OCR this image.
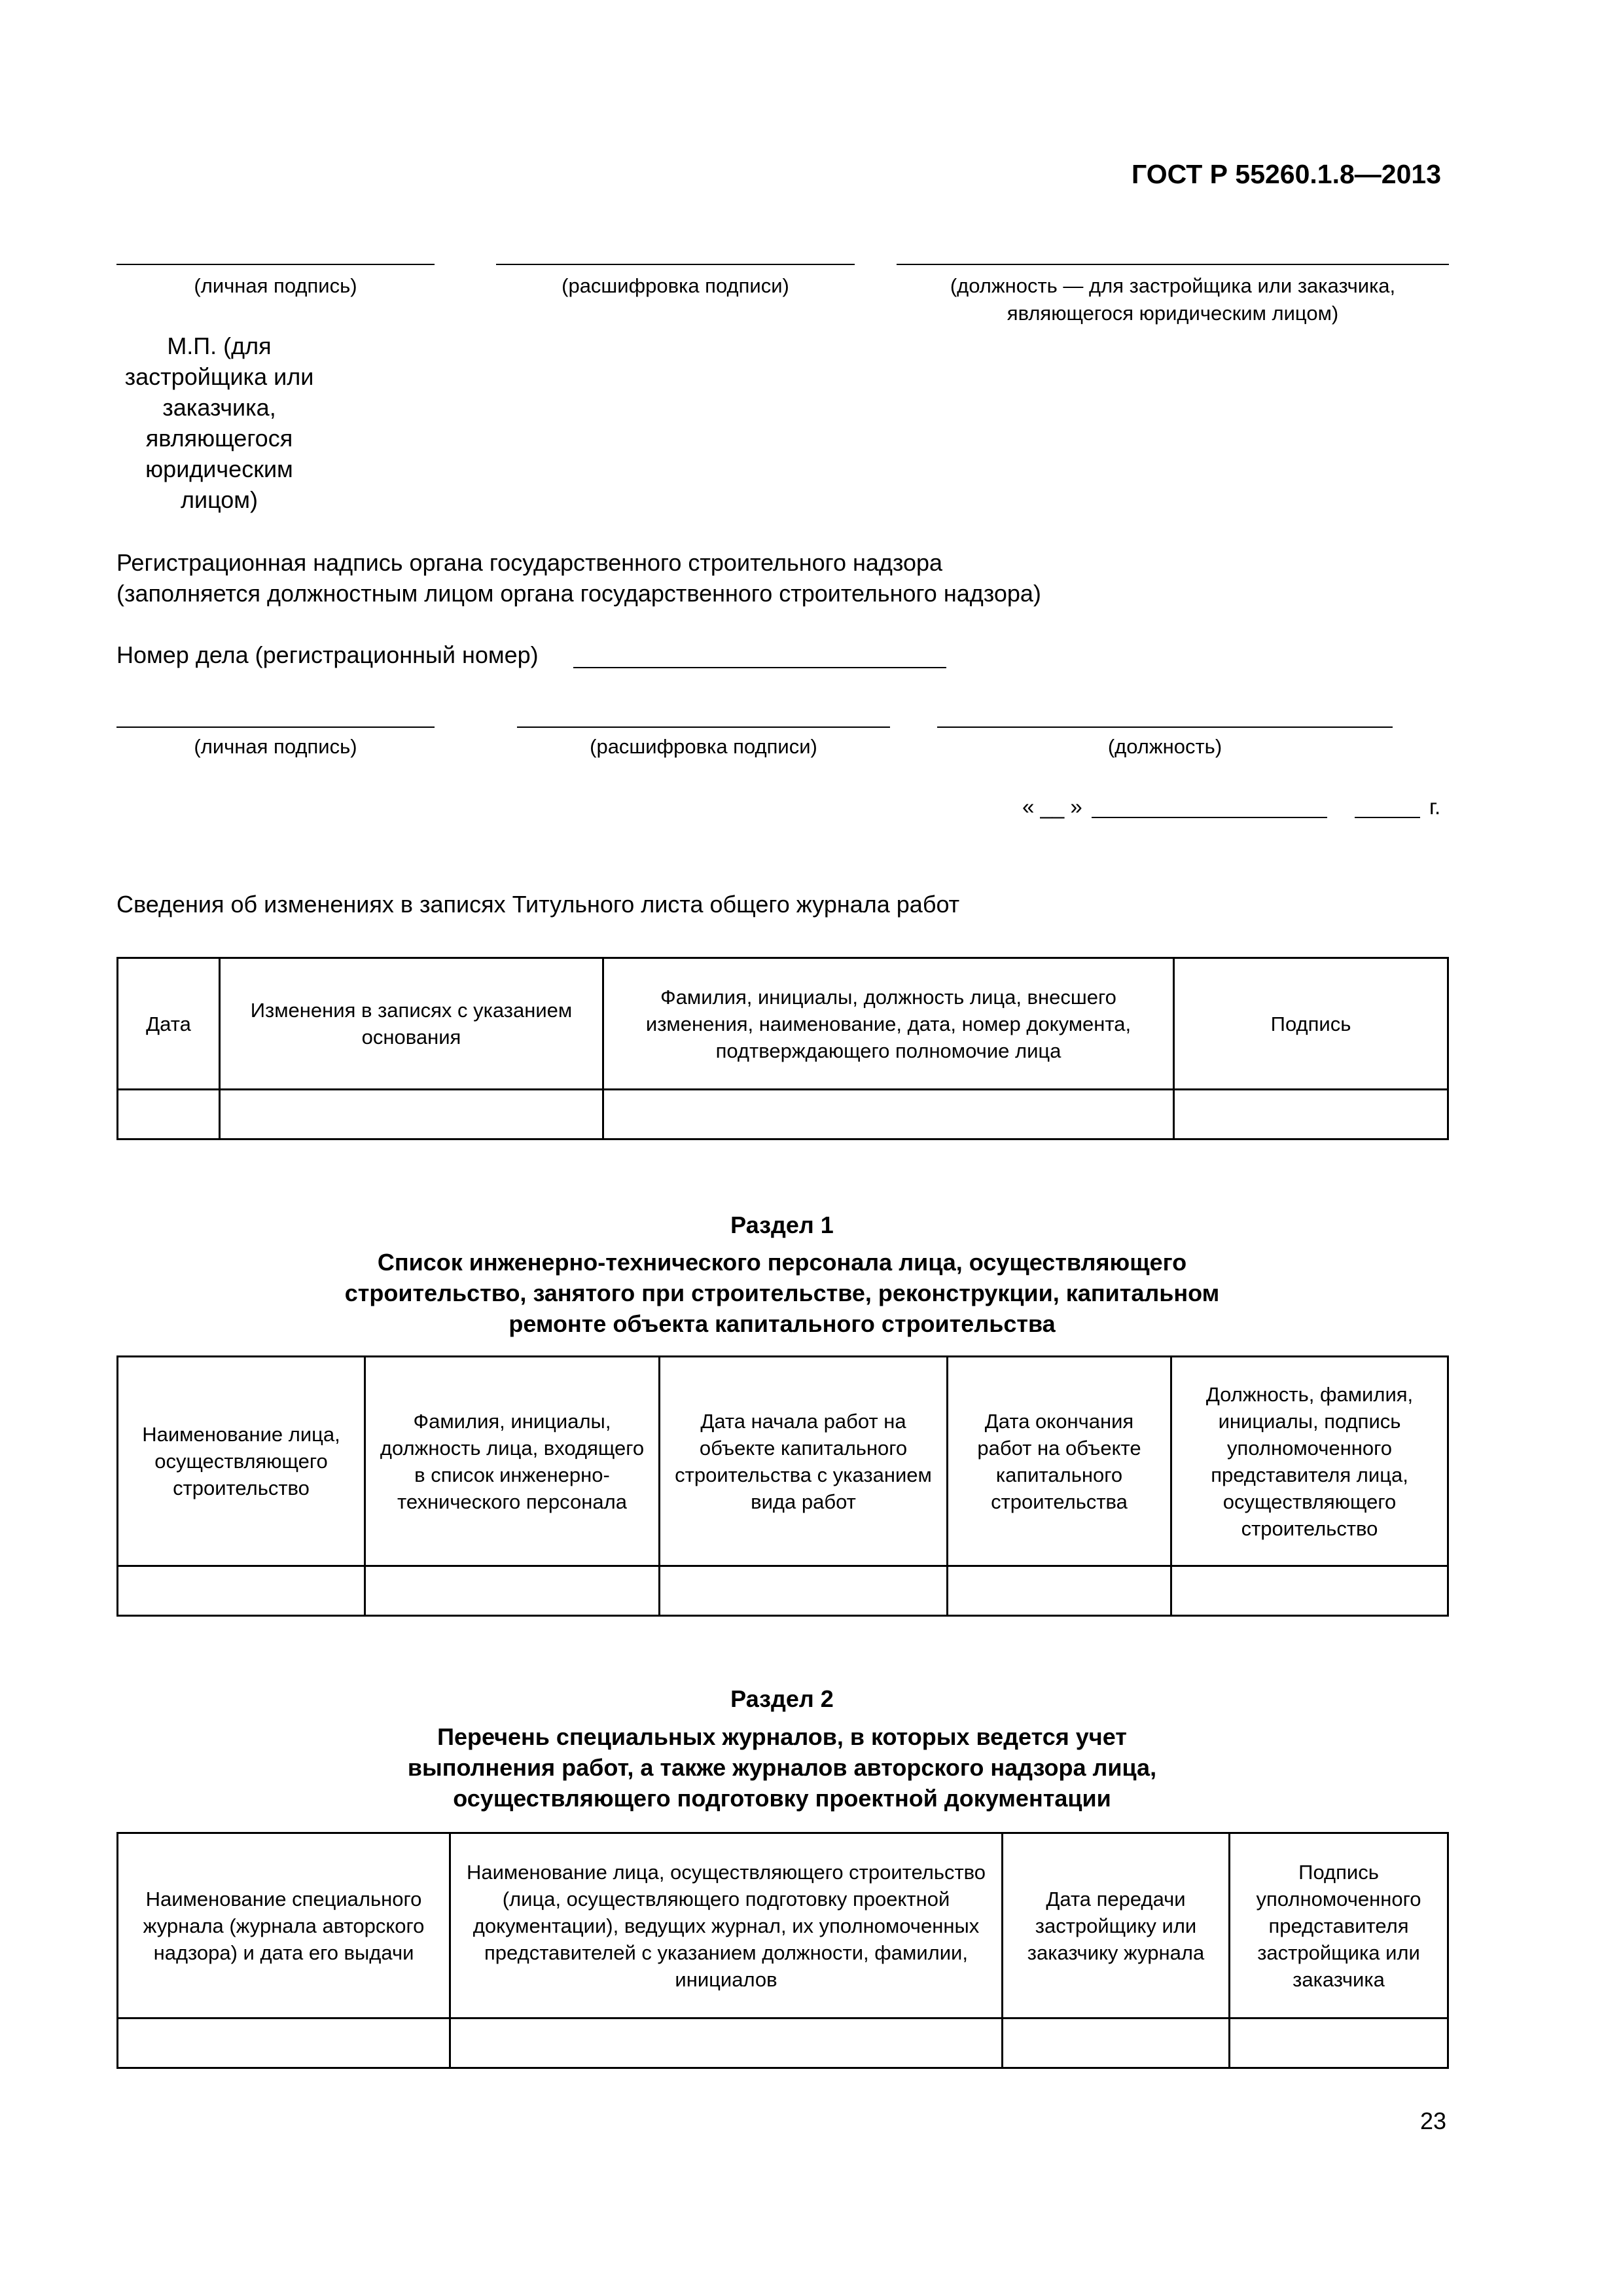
ГОСТ Р 55260.1.8—2013
(личная подпись)	(расшифровка подписи)	(должность — для застройщика или заказчика,
являющегося юридическим лицом)
М.П. (для застройщика или заказчика, являющегося юридическим лицом)
Регистрационная надпись органа государственного строительного надзора
(заполняется должностным лицом органа государственного строительного надзора)
Номер дела (регистрационный номер)
(личная подпись)	(расшифровка подписи)	(должность)
« __ »	г.
Сведения об изменениях в записях Титульного листа общего журнала работ
Дата	Изменения в записях с указанием основания	Фамилия, инициалы, должность лица, внесшего изменения, наименование, дата, номер документа, подтверждающего полномочие лица	Подпись

Раздел 1
Список инженерно-технического персонала лица, осуществляющего
строительство, занятого при строительстве, реконструкции, капитальном
ремонте объекта капитального строительства
Наименование лица, осуществляющего строительство	Фамилия, инициалы, должность лица, входящего в список инженерно-технического персонала	Дата начала работ на объекте капитального строительства с указанием вида работ	Дата окончания работ на объекте капитального строительства	Должность, фамилия, инициалы, подпись уполномоченного представителя лица, осуществляющего строительство

Раздел 2
Перечень специальных журналов, в которых ведется учет
выполнения работ, а также журналов авторского надзора лица,
осуществляющего подготовку проектной документации
Наименование специального журнала (журнала авторского надзора) и дата его выдачи	Наименование лица, осуществляющего строительство (лица, осуществляющего подготовку проектной документации), ведущих журнал, их уполномоченных представителей с указанием должности, фамилии, инициалов	Дата передачи застройщику или заказчику журнала	Подпись уполномоченного представителя застройщика или заказчика

23
